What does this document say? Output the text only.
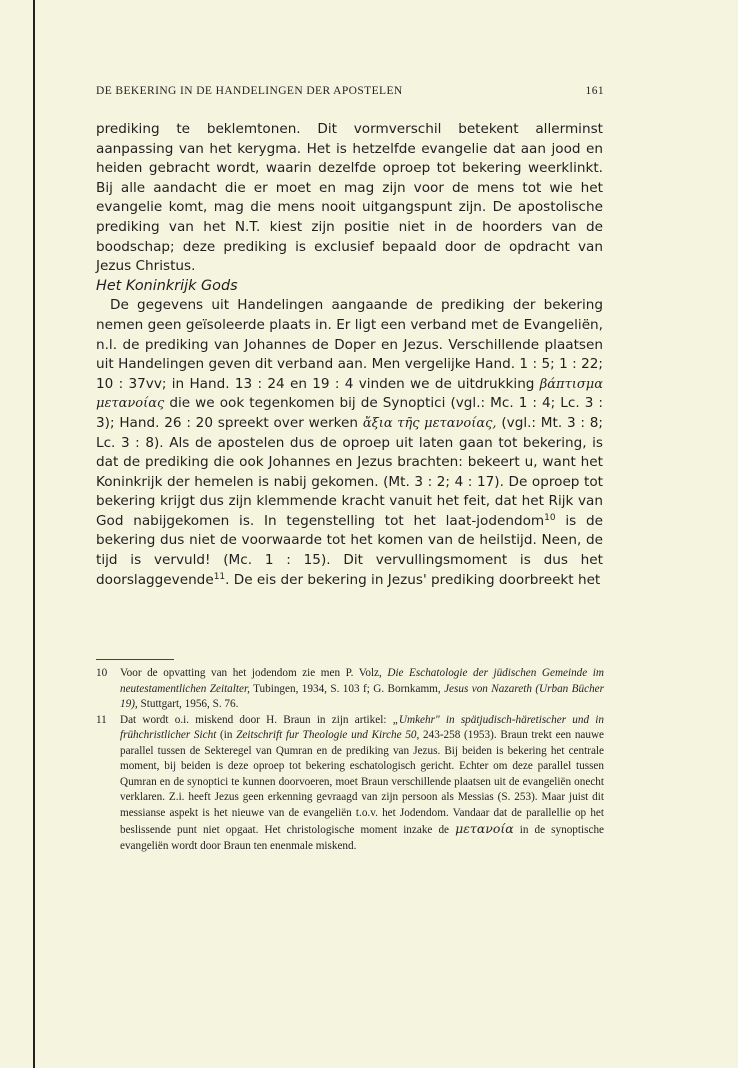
DE BEKERING IN DE HANDELINGEN DER APOSTELEN	161

prediking te beklemtonen. Dit vormverschil betekent allerminst aanpassing van het kerygma. Het is hetzelfde evangelie dat aan jood en heiden gebracht wordt, waarin dezelfde oproep tot bekering weerklinkt. Bij alle aandacht die er moet en mag zijn voor de mens tot wie het evangelie komt, mag die mens nooit uitgangspunt zijn. De apostolische prediking van het N.T. kiest zijn positie niet in de hoorders van de boodschap; deze prediking is exclusief bepaald door de opdracht van Jezus Christus.

Het Koninkrijk Gods

De gegevens uit Handelingen aangaande de prediking der bekering nemen geen geïsoleerde plaats in. Er ligt een verband met de Evangeliën, n.l. de prediking van Johannes de Doper en Jezus. Verschillende plaatsen uit Handelingen geven dit verband aan. Men vergelijke Hand. 1 : 5; 1 : 22; 10 : 37vv; in Hand. 13 : 24 en 19 : 4 vinden we de uitdrukking βάπτισμα μετανοίας die we ook tegenkomen bij de Synoptici (vgl.: Mc. 1 : 4; Lc. 3 : 3); Hand. 26 : 20 spreekt over werken ἄξια τῆς μετανοίας, (vgl.: Mt. 3 : 8; Lc. 3 : 8). Als de apostelen dus de oproep uit laten gaan tot bekering, is dat de prediking die ook Johannes en Jezus brachten: bekeert u, want het Koninkrijk der hemelen is nabij gekomen. (Mt. 3 : 2; 4 : 17). De oproep tot bekering krijgt dus zijn klemmende kracht vanuit het feit, dat het Rijk van God nabijgekomen is. In tegenstelling tot het laat-jodendom$^{10}$ is de bekering dus niet de voorwaarde tot het komen van de heilstijd. Neen, de tijd is vervuld! (Mc. 1 : 15). Dit vervullingsmoment is dus het doorslaggevende$^{11}$. De eis der bekering in Jezus' prediking doorbreekt het

10	Voor de opvatting van het jodendom zie men P. Volz, Die Eschatologie der jüdischen Gemeinde im neutestamentlichen Zeitalter, Tubingen, 1934, S. 103 f; G. Bornkamm, Jesus von Nazareth (Urban Bücher 19), Stuttgart, 1956, S. 76.
11	Dat wordt o.i. miskend door H. Braun in zijn artikel: „Umkehr" in spätjudisch-häretischer und in frühchristlicher Sicht (in Zeitschrift fur Theologie und Kirche 50, 243-258 (1953). Braun trekt een nauwe parallel tussen de Sekteregel van Qumran en de prediking van Jezus. Bij beiden is bekering het centrale moment, bij beiden is deze oproep tot bekering eschatologisch gericht. Echter om deze parallel tussen Qumran en de synoptici te kunnen doorvoeren, moet Braun verschillende plaatsen uit de evangeliën onecht verklaren. Z.i. heeft Jezus geen erkenning gevraagd van zijn persoon als Messias (S. 253). Maar juist dit messianse aspekt is het nieuwe van de evangeliën t.o.v. het Jodendom. Vandaar dat de parallellie op het beslissende punt niet opgaat. Het christologische moment inzake de μετανοία in de synoptische evangeliën wordt door Braun ten enenmale miskend.
